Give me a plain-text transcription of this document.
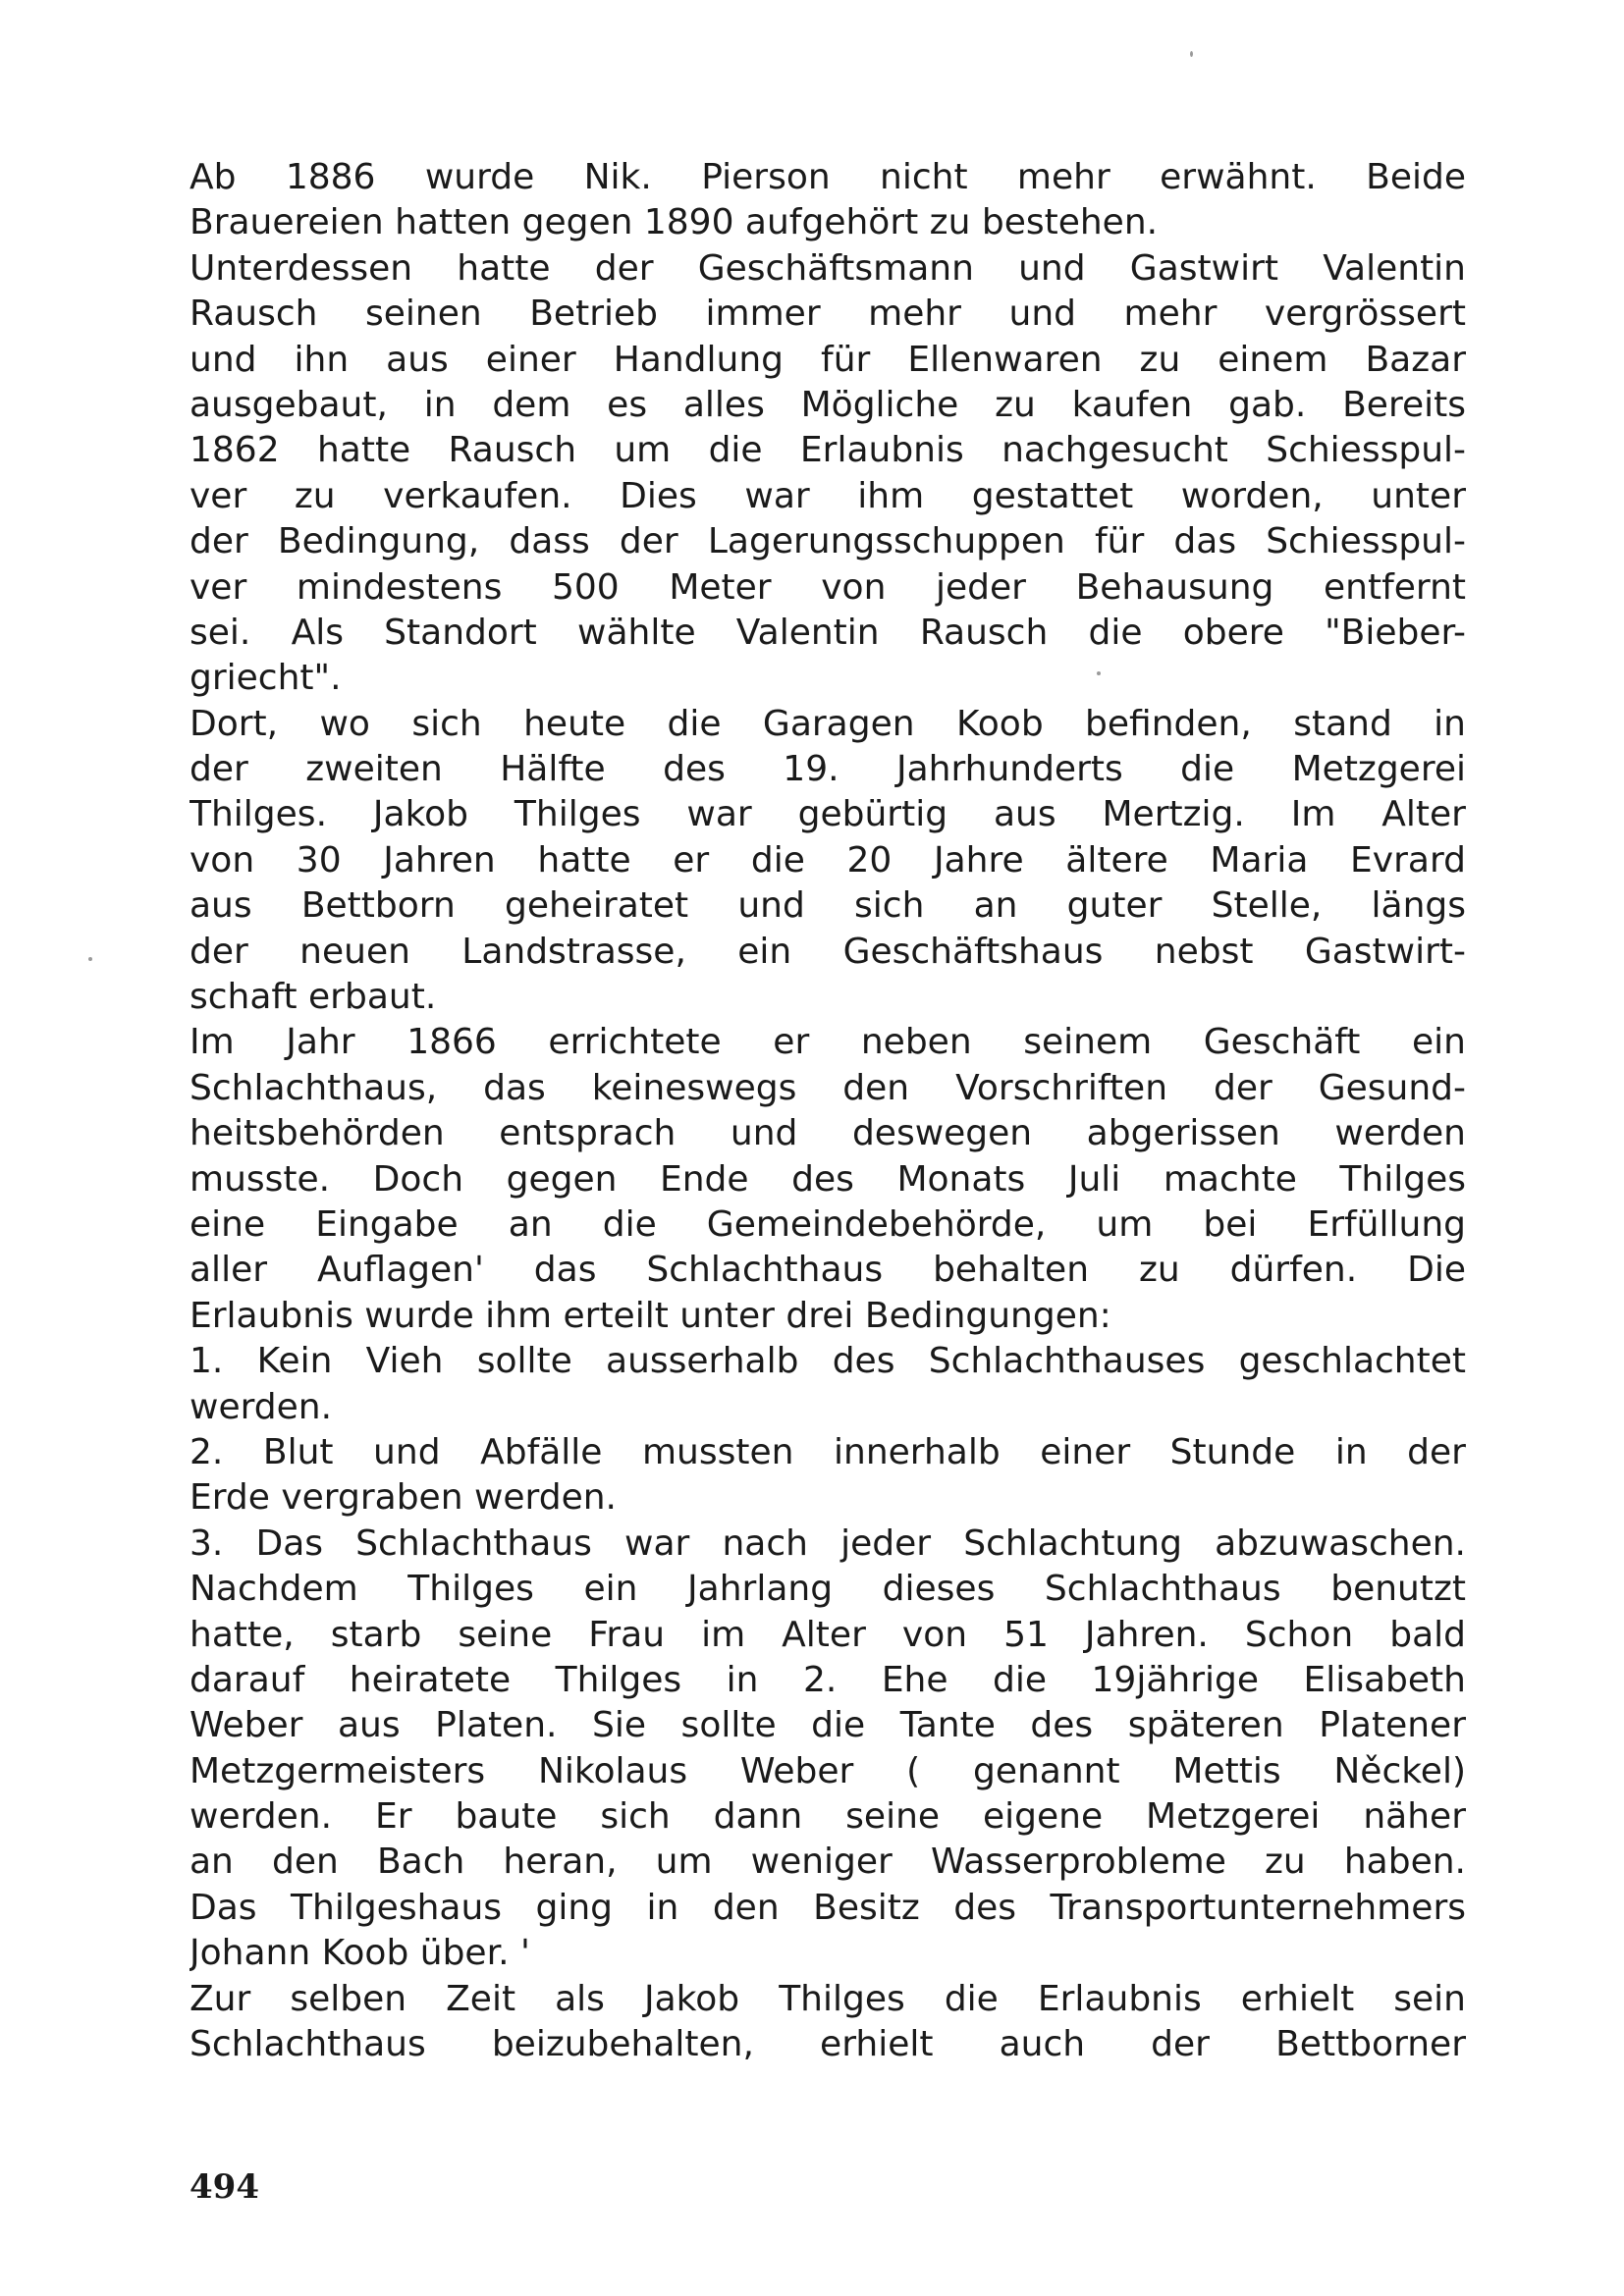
Ab 1886 wurde Nik. Pierson nicht mehr erwähnt. Beide
Brauereien hatten gegen 1890 aufgehört zu bestehen.
Unterdessen hatte der Geschäftsmann und Gastwirt Valentin
Rausch seinen Betrieb immer mehr und mehr vergrössert
und ihn aus einer Handlung für Ellenwaren zu einem Bazar
ausgebaut, in dem es alles Mögliche zu kaufen gab. Bereits
1862 hatte Rausch um die Erlaubnis nachgesucht Schiesspul-
ver zu verkaufen. Dies war ihm gestattet worden, unter
der Bedingung, dass der Lagerungsschuppen für das Schiesspul-
ver mindestens 500 Meter von jeder Behausung entfernt
sei. Als Standort wählte Valentin Rausch die obere "Bieber-
griecht".
Dort, wo sich heute die Garagen Koob befinden, stand in
der zweiten Hälfte des 19. Jahrhunderts die Metzgerei
Thilges. Jakob Thilges war gebürtig aus Mertzig. Im Alter
von 30 Jahren hatte er die 20 Jahre ältere Maria Evrard
aus Bettborn geheiratet und sich an guter Stelle, längs
der neuen Landstrasse, ein Geschäftshaus nebst Gastwirt-
schaft erbaut.
Im Jahr 1866 errichtete er neben seinem Geschäft ein
Schlachthaus, das keineswegs den Vorschriften der Gesund-
heitsbehörden entsprach und deswegen abgerissen werden
musste. Doch gegen Ende des Monats Juli machte Thilges
eine Eingabe an die Gemeindebehörde, um bei Erfüllung
aller Auflagen' das Schlachthaus behalten zu dürfen. Die
Erlaubnis wurde ihm erteilt unter drei Bedingungen:
1. Kein Vieh sollte ausserhalb des Schlachthauses geschlachtet
werden.
2. Blut und Abfälle mussten innerhalb einer Stunde in der
Erde vergraben werden.
3. Das Schlachthaus war nach jeder Schlachtung abzuwaschen.
Nachdem Thilges ein Jahrlang dieses Schlachthaus benutzt
hatte, starb seine Frau im Alter von 51 Jahren. Schon bald
darauf heiratete Thilges in 2. Ehe die 19jährige Elisabeth
Weber aus Platen. Sie sollte die Tante des späteren Platener
Metzgermeisters Nikolaus Weber ( genannt Mettis Něckel)
werden. Er baute sich dann seine eigene Metzgerei näher
an den Bach heran, um weniger Wasserprobleme zu haben.
Das Thilgeshaus ging in den Besitz des Transportunternehmers
Johann Koob über. '
Zur selben Zeit als Jakob Thilges die Erlaubnis erhielt sein
Schlachthaus beizubehalten, erhielt auch der Bettborner
494
